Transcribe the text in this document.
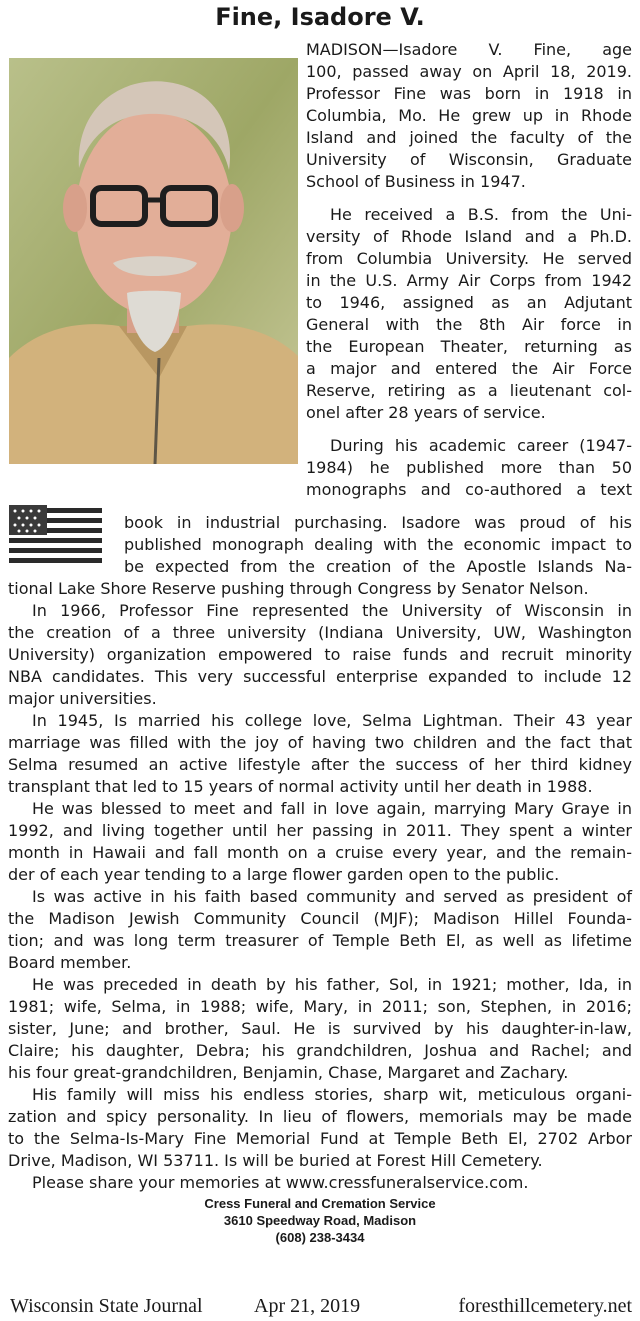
Fine, Isadore V.
MADISON—Isadore V. Fine, age
100, passed away on April 18, 2019.
Professor Fine was born in 1918 in
Columbia, Mo. He grew up in Rhode
Island and joined the faculty of the
University of Wisconsin, Graduate
School of Business in 1947.
He received a B.S. from the Uni-
versity of Rhode Island and a Ph.D.
from Columbia University. He served
in the U.S. Army Air Corps from 1942
to 1946, assigned as an Adjutant
General with the 8th Air force in
the European Theater, returning as
a major and entered the Air Force
Reserve, retiring as a lieutenant col-
onel after 28 years of service.
During his academic career (1947-
1984) he published more than 50
monographs and co-authored a text
book in industrial purchasing. Isadore was proud of his
published monograph dealing with the economic impact to
be expected from the creation of the Apostle Islands Na-
tional Lake Shore Reserve pushing through Congress by Senator Nelson.
In 1966, Professor Fine represented the University of Wisconsin in
the creation of a three university (Indiana University, UW, Washington
University) organization empowered to raise funds and recruit minority
NBA candidates. This very successful enterprise expanded to include 12
major universities.
In 1945, Is married his college love, Selma Lightman. Their 43 year
marriage was filled with the joy of having two children and the fact that
Selma resumed an active lifestyle after the success of her third kidney
transplant that led to 15 years of normal activity until her death in 1988.
He was blessed to meet and fall in love again, marrying Mary Graye in
1992, and living together until her passing in 2011. They spent a winter
month in Hawaii and fall month on a cruise every year, and the remain-
der of each year tending to a large flower garden open to the public.
Is was active in his faith based community and served as president of
the Madison Jewish Community Council (MJF); Madison Hillel Founda-
tion; and was long term treasurer of Temple Beth El, as well as lifetime
Board member.
He was preceded in death by his father, Sol, in 1921; mother, Ida, in
1981; wife, Selma, in 1988; wife, Mary, in 2011; son, Stephen, in 2016;
sister, June; and brother, Saul. He is survived by his daughter-in-law,
Claire; his daughter, Debra; his grandchildren, Joshua and Rachel; and
his four great-grandchildren, Benjamin, Chase, Margaret and Zachary.
His family will miss his endless stories, sharp wit, meticulous organi-
zation and spicy personality. In lieu of flowers, memorials may be made
to the Selma-Is-Mary Fine Memorial Fund at Temple Beth El, 2702 Arbor
Drive, Madison, WI 53711. Is will be buried at Forest Hill Cemetery.
Please share your memories at www.cressfuneralservice.com.
Cress Funeral and Cremation Service
3610 Speedway Road, Madison
(608) 238-3434
Wisconsin State Journal	Apr 21, 2019	foresthillcemetery.net
